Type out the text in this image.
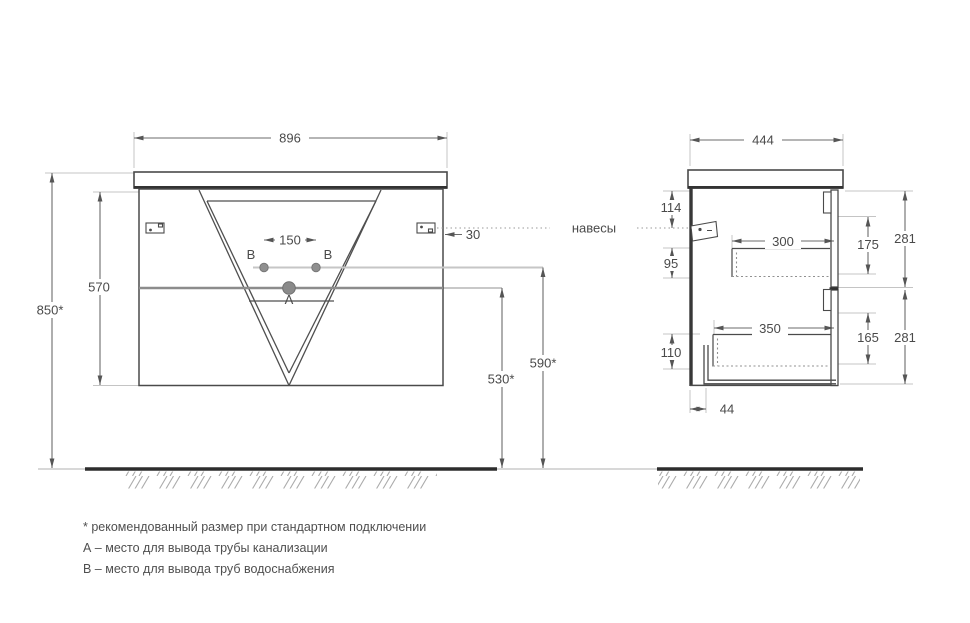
896	444
850*
570
150	30
530*
590*
114
95
110
44
300	175 281
350
165 281
навесы
B	B
A
* рекомендованный размер при стандартном подключении
А – место для вывода трубы канализации
В – место для вывода труб водоснабжения
